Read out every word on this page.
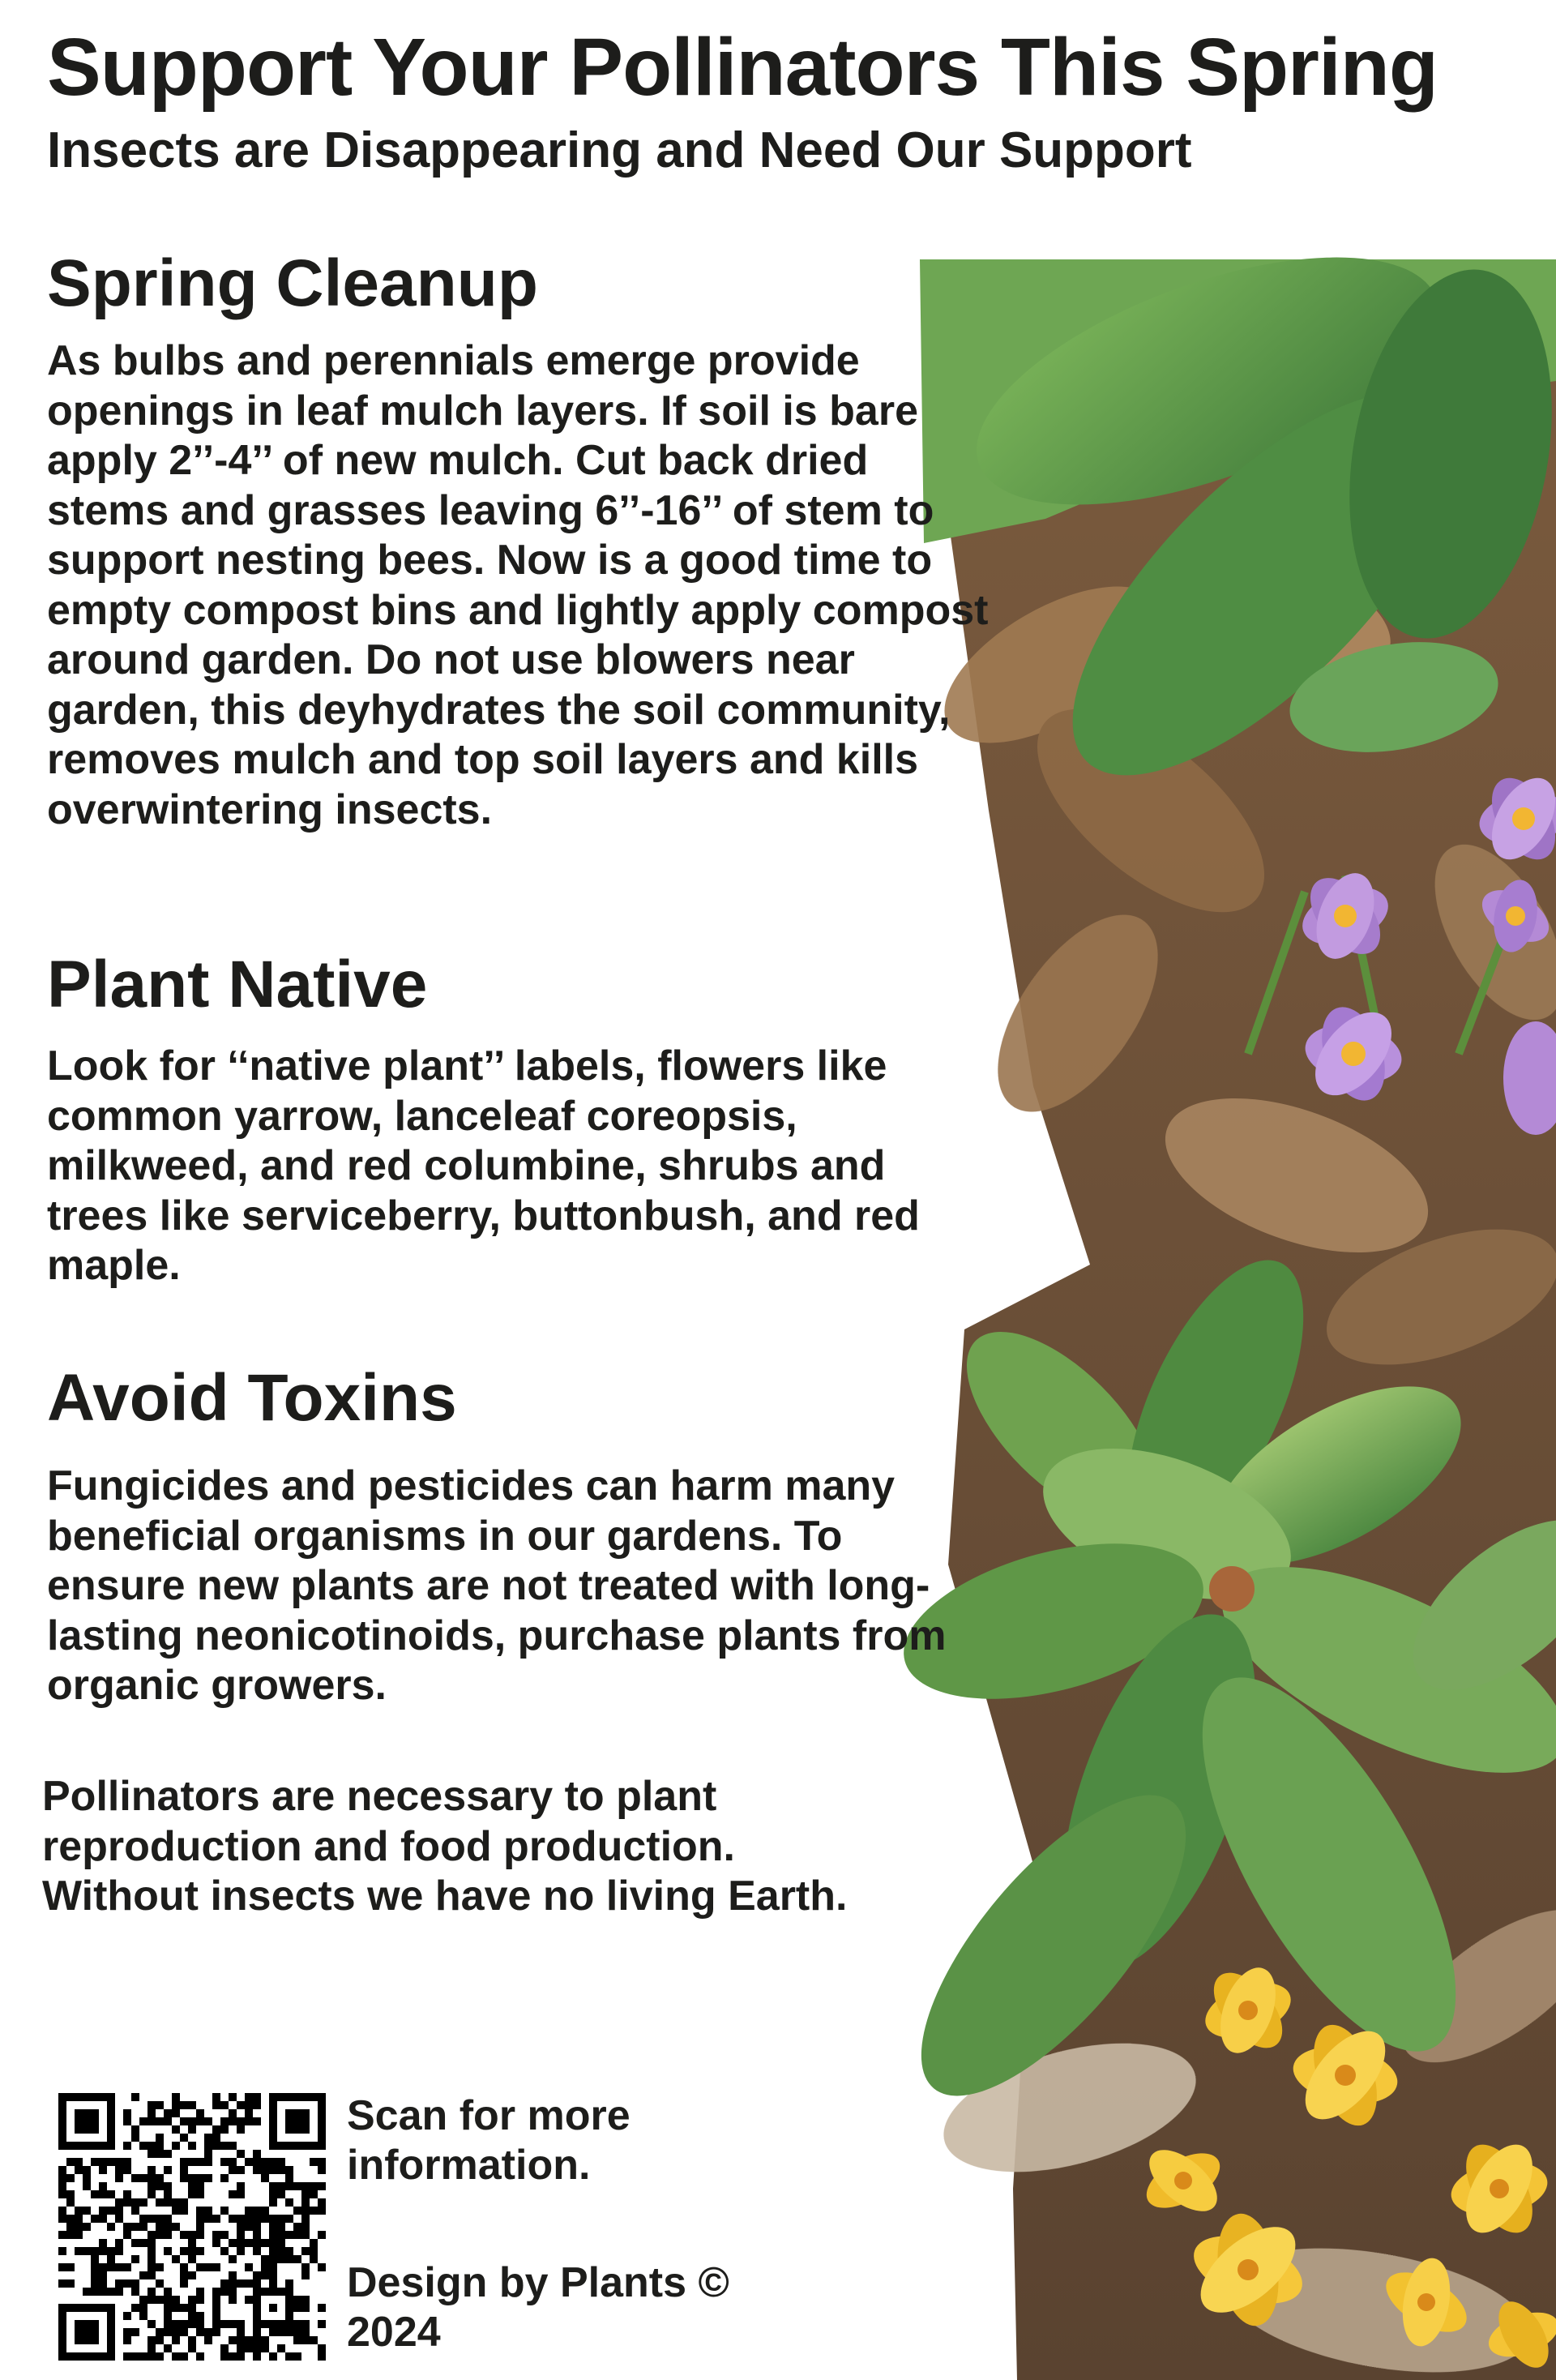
Support Your Pollinators This Spring
Insects are Disappearing and Need Our Support
Spring Cleanup

As bulbs and perennials emerge provide openings in leaf mulch layers. If soil is bare apply 2’’-4’’ of new mulch. Cut back dried stems and grasses leaving 6’’-16’’ of stem to support nesting bees. Now is a good time to empty compost bins and lightly apply compost around garden. Do not use blowers near garden, this deyhydrates the soil community, removes mulch and top soil layers and kills overwintering insects.

Plant Native

Look for ‘‘native plant’’ labels, flowers like common yarrow, lanceleaf coreopsis, milkweed, and red columbine, shrubs and trees like serviceberry, buttonbush, and red maple.

Avoid Toxins

Fungicides and pesticides can harm many beneficial organisms in our gardens. To ensure new plants are not treated with long-lasting neonicotinoids, purchase plants from organic growers.

Pollinators are necessary to plant reproduction and food production. Without insects we have no living Earth.

Scan for more information.

Design by Plants © 2024
